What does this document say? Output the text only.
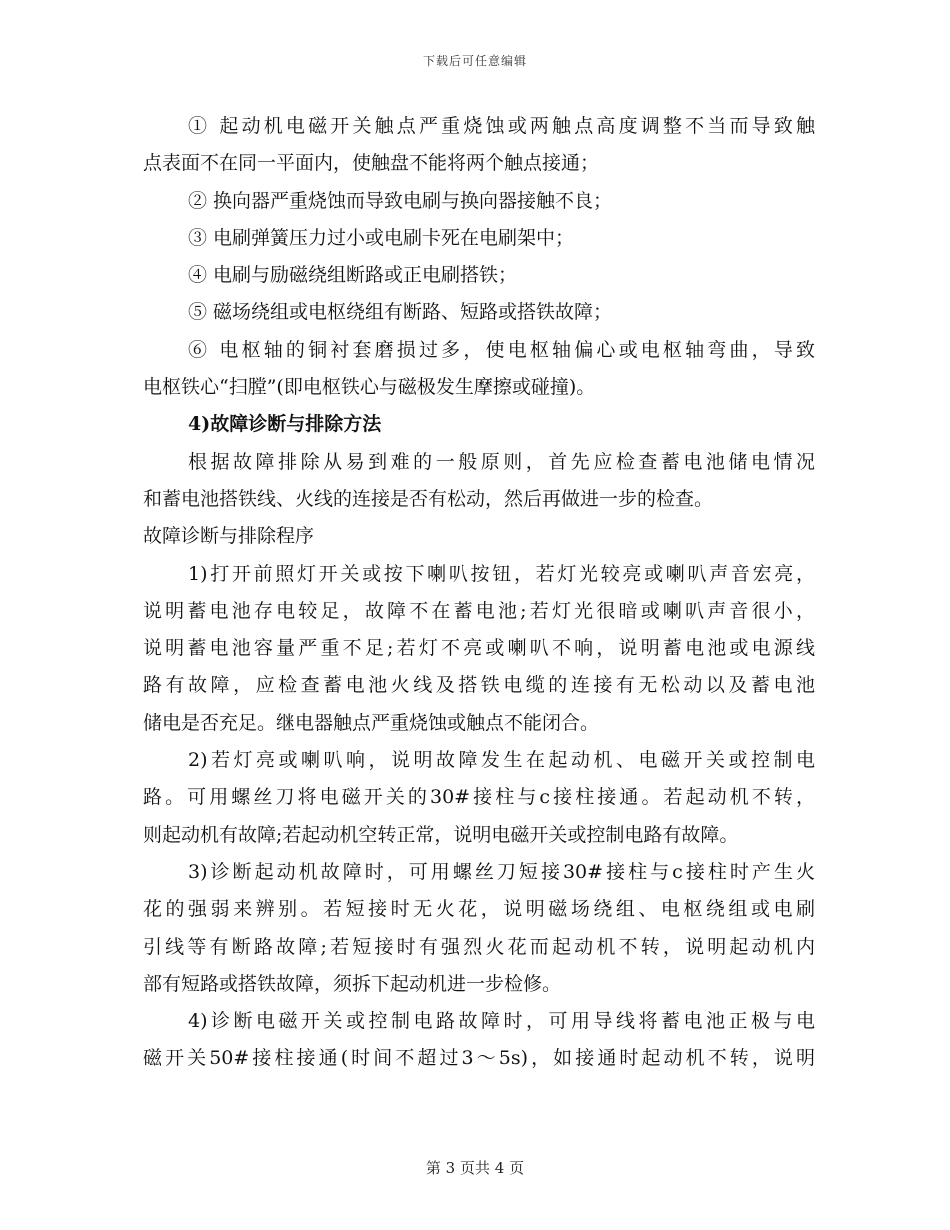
下载后可任意编辑
① 起动机电磁开关触点严重烧蚀或两触点高度调整不当而导致触
点表面不在同一平面内，使触盘不能将两个触点接通；
② 换向器严重烧蚀而导致电刷与换向器接触不良；
③ 电刷弹簧压力过小或电刷卡死在电刷架中；
④ 电刷与励磁绕组断路或正电刷搭铁；
⑤ 磁场绕组或电枢绕组有断路、短路或搭铁故障；
⑥ 电枢轴的铜衬套磨损过多，使电枢轴偏心或电枢轴弯曲，导致
电枢铁心“扫膛”(即电枢铁心与磁极发生摩擦或碰撞)。
4)故障诊断与排除方法
根据故障排除从易到难的一般原则，首先应检查蓄电池储电情况
和蓄电池搭铁线、火线的连接是否有松动，然后再做进一步的检查。
故障诊断与排除程序
1)打开前照灯开关或按下喇叭按钮，若灯光较亮或喇叭声音宏亮，
说明蓄电池存电较足，故障不在蓄电池;若灯光很暗或喇叭声音很小，
说明蓄电池容量严重不足;若灯不亮或喇叭不响，说明蓄电池或电源线
路有故障，应检查蓄电池火线及搭铁电缆的连接有无松动以及蓄电池
储电是否充足。继电器触点严重烧蚀或触点不能闭合。
2)若灯亮或喇叭响，说明故障发生在起动机、电磁开关或控制电
路。可用螺丝刀将电磁开关的30#接柱与c接柱接通。若起动机不转，
则起动机有故障;若起动机空转正常，说明电磁开关或控制电路有故障。
3)诊断起动机故障时，可用螺丝刀短接30#接柱与c接柱时产生火
花的强弱来辨别。若短接时无火花，说明磁场绕组、电枢绕组或电刷
引线等有断路故障;若短接时有强烈火花而起动机不转，说明起动机内
部有短路或搭铁故障，须拆下起动机进一步检修。
4)诊断电磁开关或控制电路故障时，可用导线将蓄电池正极与电
磁开关50#接柱接通(时间不超过3～5s)，如接通时起动机不转，说明
第 3 页共 4 页
